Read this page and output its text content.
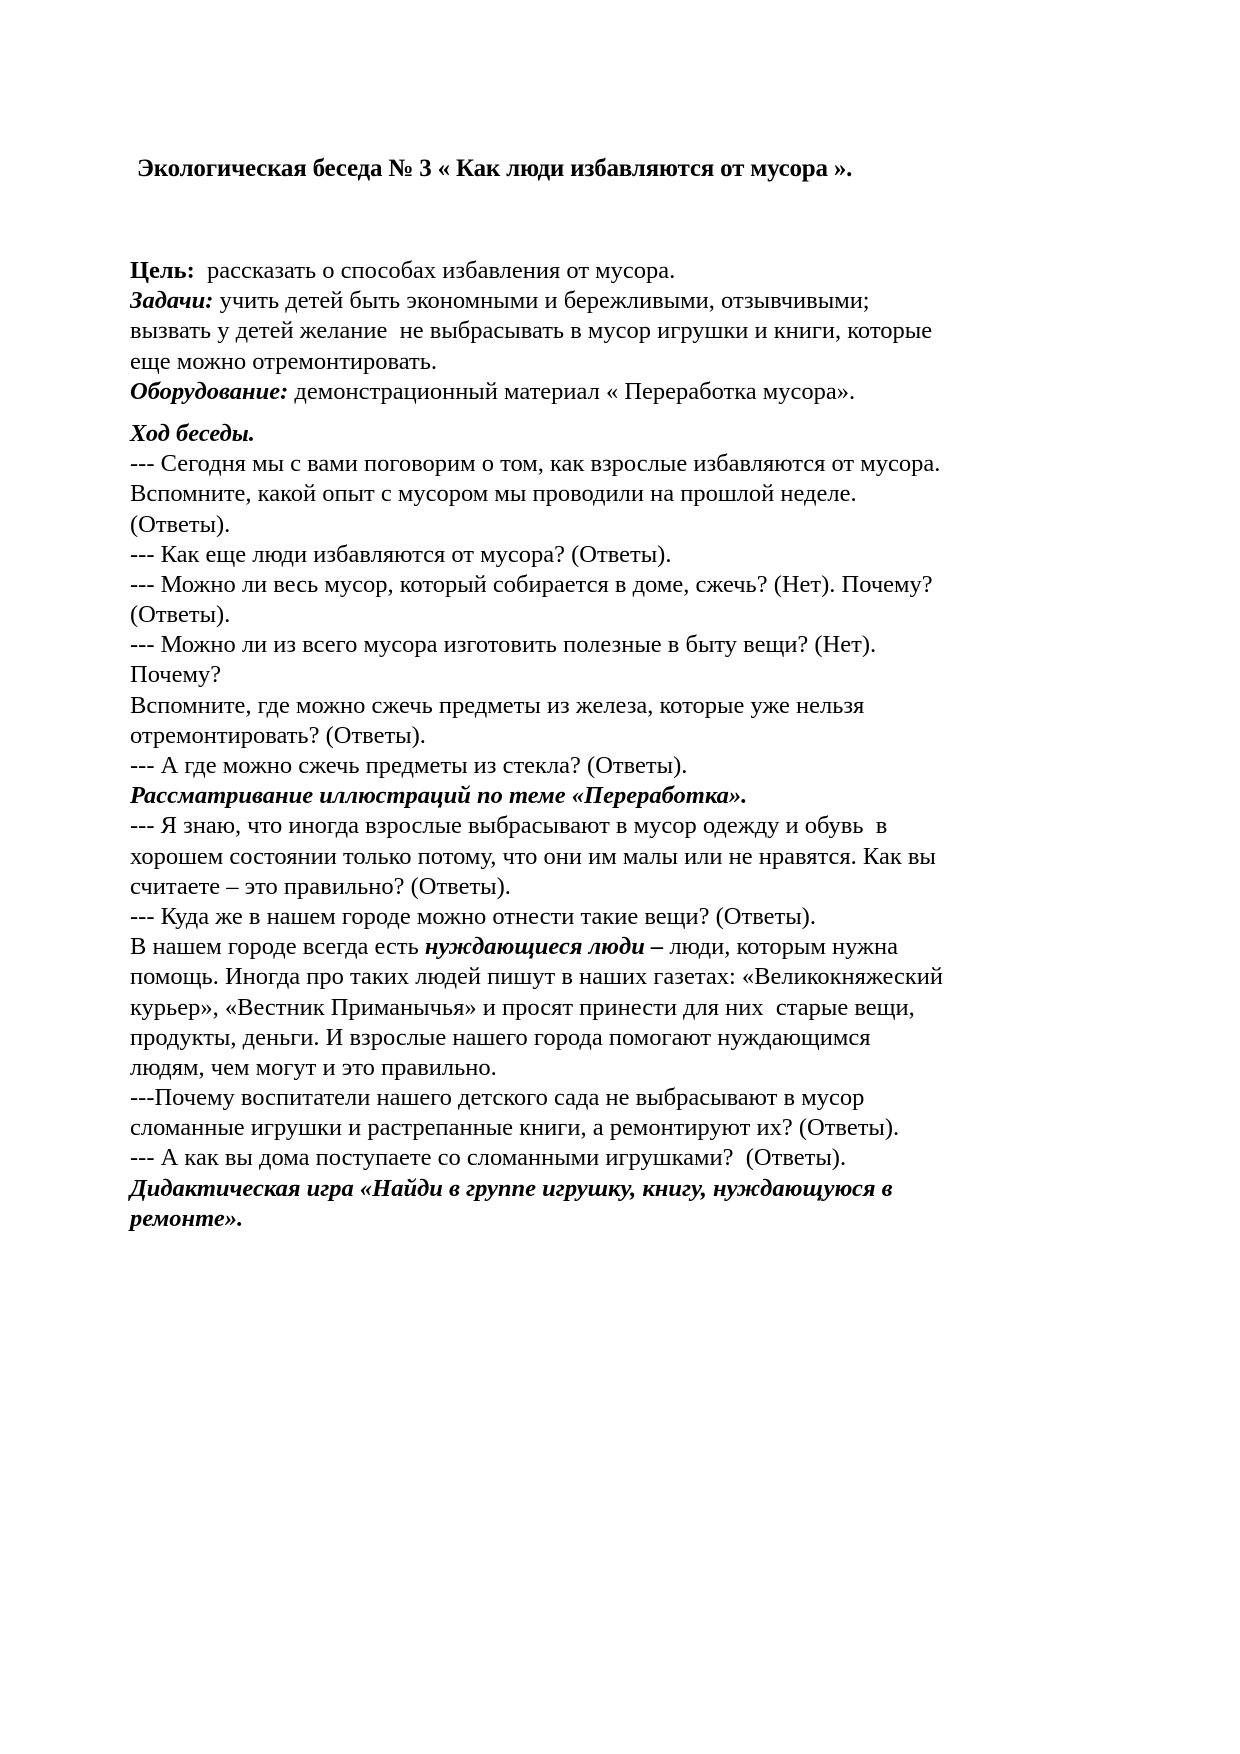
Экологическая беседа № 3 « Как люди избавляются от мусора ».
Цель:  рассказать о способах избавления от мусора.
Задачи: учить детей быть экономными и бережливыми, отзывчивыми;
вызвать у детей желание  не выбрасывать в мусор игрушки и книги, которые
еще можно отремонтировать.
Оборудование: демонстрационный материал « Переработка мусора».
Ход беседы.
--- Сегодня мы с вами поговорим о том, как взрослые избавляются от мусора.
Вспомните, какой опыт с мусором мы проводили на прошлой неделе.
(Ответы).
--- Как еще люди избавляются от мусора? (Ответы).
--- Можно ли весь мусор, который собирается в доме, сжечь? (Нет). Почему?
(Ответы).
--- Можно ли из всего мусора изготовить полезные в быту вещи? (Нет).
Почему?
Вспомните, где можно сжечь предметы из железа, которые уже нельзя
отремонтировать? (Ответы).
--- А где можно сжечь предметы из стекла? (Ответы).
Рассматривание иллюстраций по теме «Переработка».
--- Я знаю, что иногда взрослые выбрасывают в мусор одежду и обувь  в
хорошем состоянии только потому, что они им малы или не нравятся. Как вы
считаете – это правильно? (Ответы).
--- Куда же в нашем городе можно отнести такие вещи? (Ответы).
В нашем городе всегда есть нуждающиеся люди – люди, которым нужна
помощь. Иногда про таких людей пишут в наших газетах: «Великокняжеский
курьер», «Вестник Приманычья» и просят принести для них  старые вещи,
продукты, деньги. И взрослые нашего города помогают нуждающимся
людям, чем могут и это правильно.
---Почему воспитатели нашего детского сада не выбрасывают в мусор
сломанные игрушки и растрепанные книги, а ремонтируют их? (Ответы).
--- А как вы дома поступаете со сломанными игрушками?  (Ответы).
Дидактическая игра «Найди в группе игрушку, книгу, нуждающуюся в
ремонте».
